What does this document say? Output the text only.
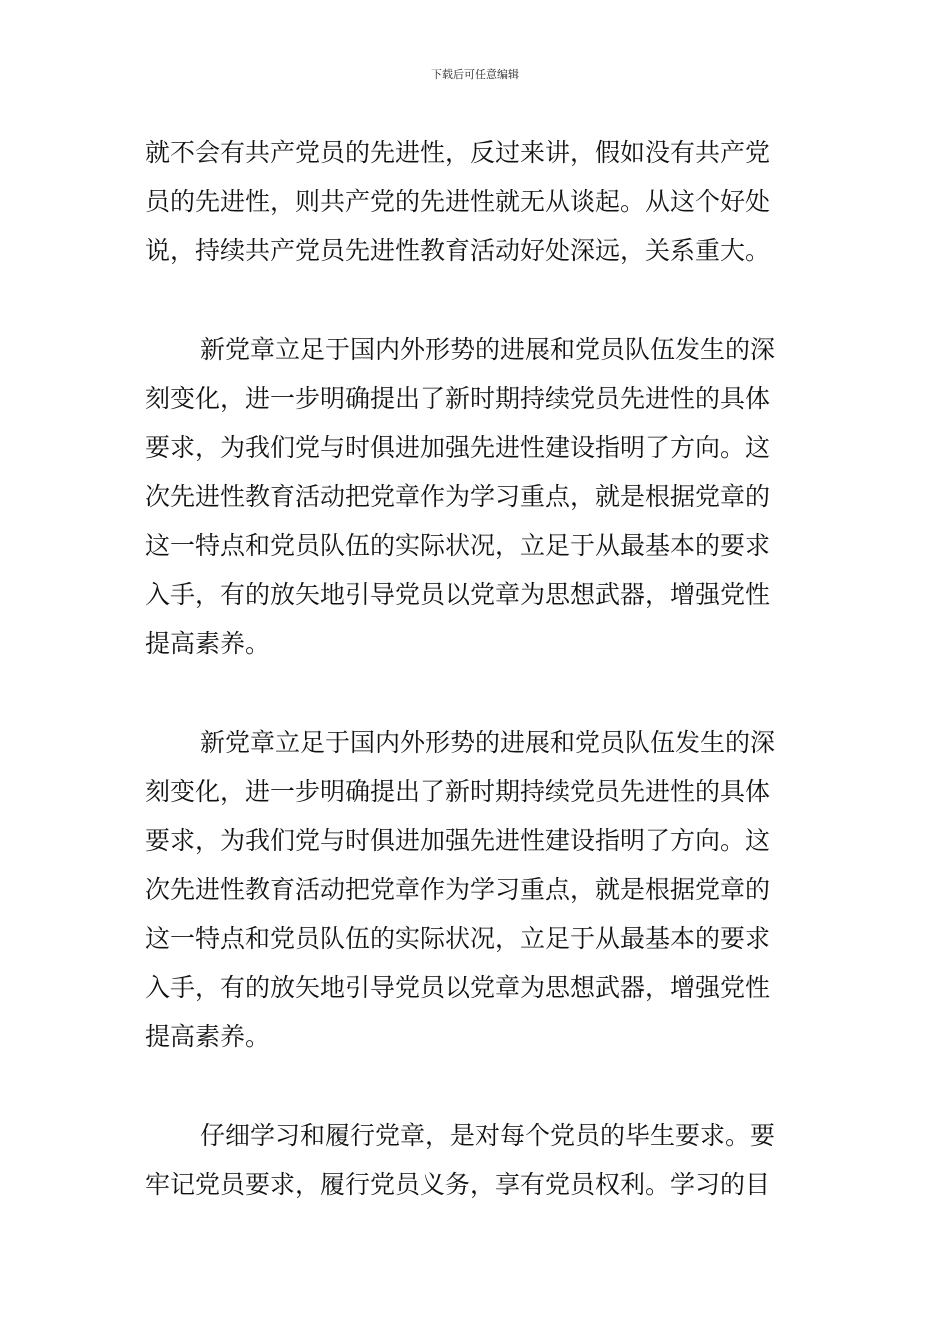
下载后可任意编辑
就不会有共产党员的先进性，反过来讲，假如没有共产党
员的先进性，则共产党的先进性就无从谈起。从这个好处
说，持续共产党员先进性教育活动好处深远，关系重大。
新党章立足于国内外形势的进展和党员队伍发生的深
刻变化，进一步明确提出了新时期持续党员先进性的具体
要求，为我们党与时俱进加强先进性建设指明了方向。这
次先进性教育活动把党章作为学习重点，就是根据党章的
这一特点和党员队伍的实际状况，立足于从最基本的要求
入手，有的放矢地引导党员以党章为思想武器，增强党性
提高素养。
新党章立足于国内外形势的进展和党员队伍发生的深
刻变化，进一步明确提出了新时期持续党员先进性的具体
要求，为我们党与时俱进加强先进性建设指明了方向。这
次先进性教育活动把党章作为学习重点，就是根据党章的
这一特点和党员队伍的实际状况，立足于从最基本的要求
入手，有的放矢地引导党员以党章为思想武器，增强党性
提高素养。
仔细学习和履行党章，是对每个党员的毕生要求。要
牢记党员要求，履行党员义务，享有党员权利。学习的目
